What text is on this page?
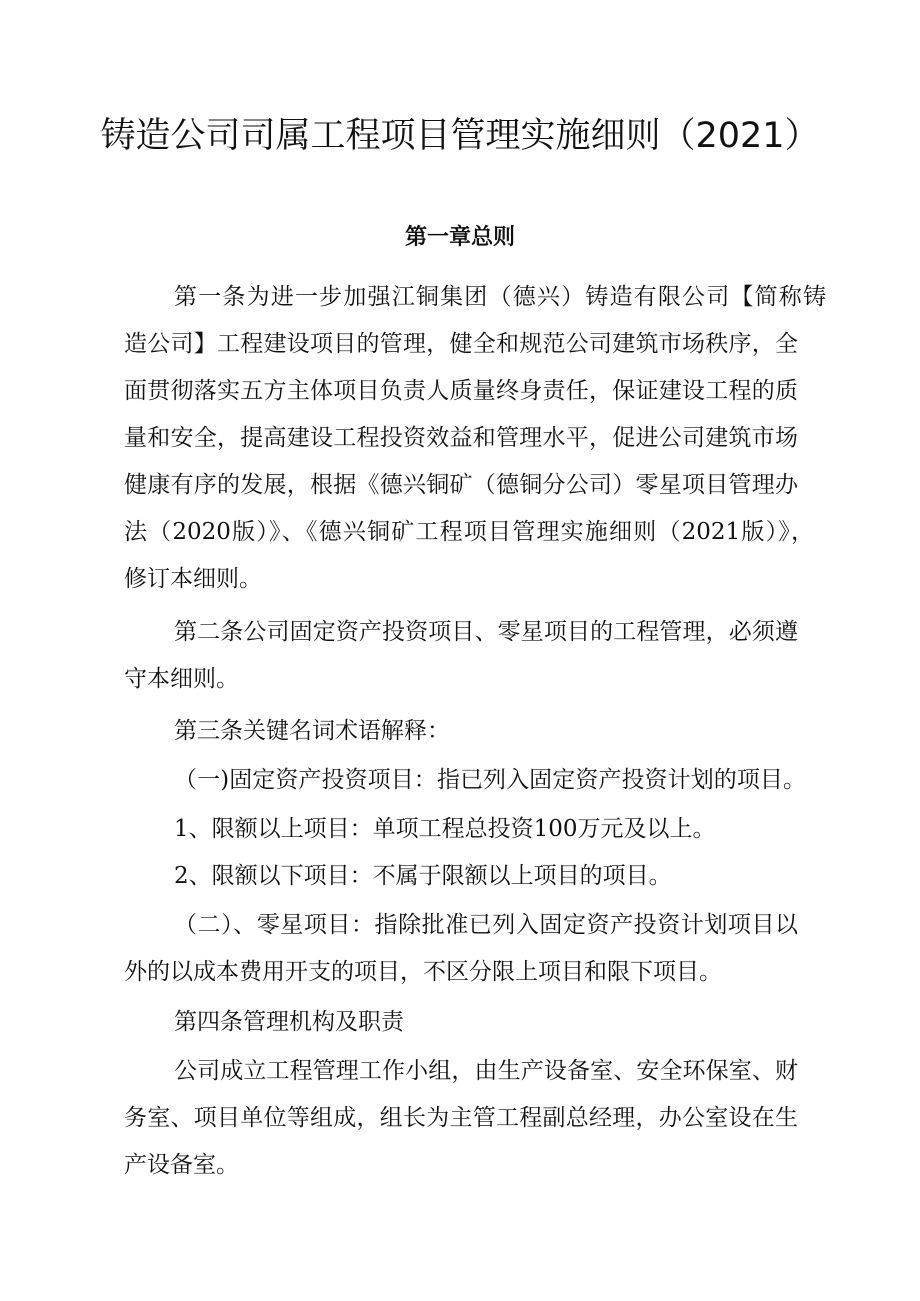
铸造公司司属工程项目管理实施细则（2021）
第一章总则
第一条为进一步加强江铜集团（德兴）铸造有限公司【简称铸
造公司】工程建设项目的管理，健全和规范公司建筑市场秩序，全
面贯彻落实五方主体项目负责人质量终身责任，保证建设工程的质
量和安全，提高建设工程投资效益和管理水平，促进公司建筑市场
健康有序的发展，根据《德兴铜矿（德铜分公司）零星项目管理办
法（2020版）》、《德兴铜矿工程项目管理实施细则（2021版）》，
修订本细则。
第二条公司固定资产投资项目、零星项目的工程管理，必须遵
守本细则。
第三条关键名词术语解释：
（一)固定资产投资项目：指已列入固定资产投资计划的项目。
1、限额以上项目：单项工程总投资100万元及以上。
2、限额以下项目：不属于限额以上项目的项目。
（二）、零星项目：指除批准已列入固定资产投资计划项目以
外的以成本费用开支的项目，不区分限上项目和限下项目。
第四条管理机构及职责
公司成立工程管理工作小组，由生产设备室、安全环保室、财
务室、项目单位等组成，组长为主管工程副总经理，办公室设在生
产设备室。
